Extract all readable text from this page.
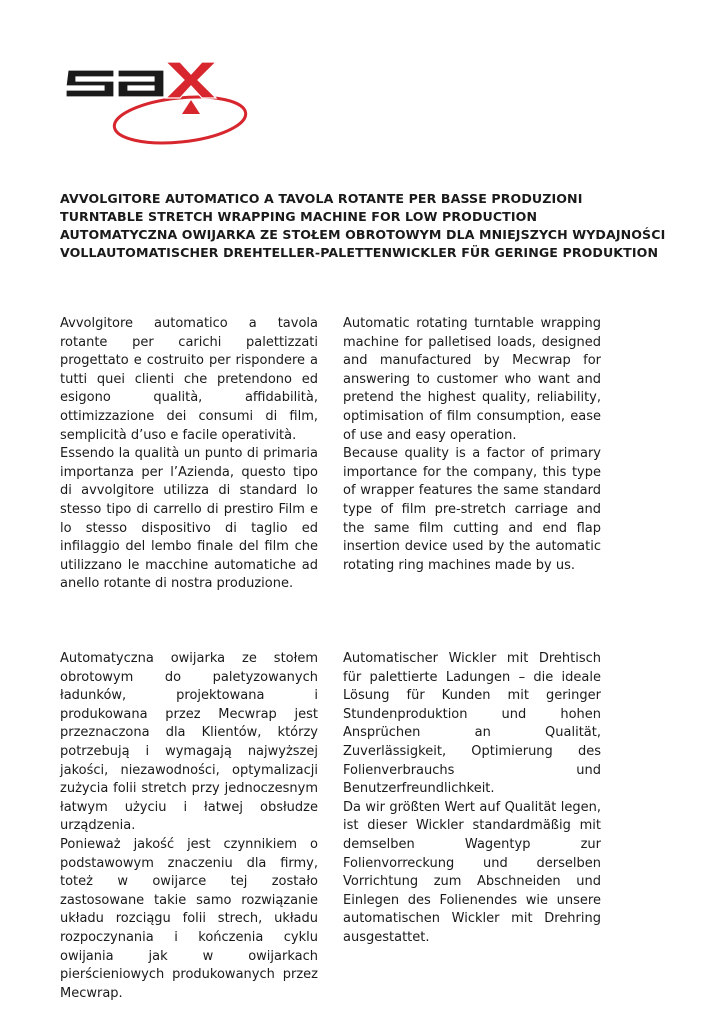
AVVOLGITORE AUTOMATICO A TAVOLA ROTANTE PER BASSE PRODUZIONI
TURNTABLE STRETCH WRAPPING MACHINE FOR LOW PRODUCTION
AUTOMATYCZNA OWIJARKA ZE STOŁEM OBROTOWYM DLA MNIEJSZYCH WYDAJNOŚCI
VOLLAUTOMATISCHER DREHTELLER-PALETTENWICKLER FÜR GERINGE PRODUKTION

Avvolgitore automatico a tavola rotante per carichi palettizzati progettato e costruito per rispondere a tutti quei clienti che pretendono ed esigono qualità, affidabilità, ottimizzazione dei consumi di film, semplicità d’uso e facile operatività.

Essendo la qualità un punto di primaria importanza per l’Azienda, questo tipo di avvolgitore utilizza di standard lo stesso tipo di carrello di prestiro Film e lo stesso dispositivo di taglio ed infilaggio del lembo finale del film che utilizzano le macchine automatiche ad anello rotante di nostra produzione.

Automatic rotating turntable wrapping machine for palletised loads, designed and manufactured by Mecwrap for answering to customer who want and pretend the highest quality, reliability, optimisation of film consumption, ease of use and easy operation.

Because quality is a factor of primary importance for the company, this type of wrapper features the same standard type of film pre-stretch carriage and the same film cutting and end flap insertion device used by the automatic rotating ring machines made by us.

Automatyczna owijarka ze stołem obrotowym do paletyzowanych ładunków, projektowana i produkowana przez Mecwrap jest przeznaczona dla Klientów, którzy potrzebują i wymagają najwyższej jakości, niezawodności, optymalizacji zużycia folii stretch przy jednoczesnym łatwym użyciu i łatwej obsłudze urządzenia.

Ponieważ jakość jest czynnikiem o podstawowym znaczeniu dla firmy, toteż w owijarce tej zostało zastosowane takie samo rozwiązanie układu rozciągu folii strech, układu rozpoczynania i kończenia cyklu owijania jak w owijarkach pierścieniowych produkowanych przez Mecwrap.

Automatischer Wickler mit Drehtisch für palettierte Ladungen – die ideale Lösung für Kunden mit geringer Stundenproduktion und hohen Ansprüchen an Qualität, Zuverlässigkeit, Optimierung des Folienverbrauchs und Benutzerfreundlichkeit.

Da wir größten Wert auf Qualität legen, ist dieser Wickler standardmäßig mit demselben Wagentyp zur Folienvorreckung und derselben Vorrichtung zum Abschneiden und Einlegen des Folienendes wie unsere automatischen Wickler mit Drehring ausgestattet.
